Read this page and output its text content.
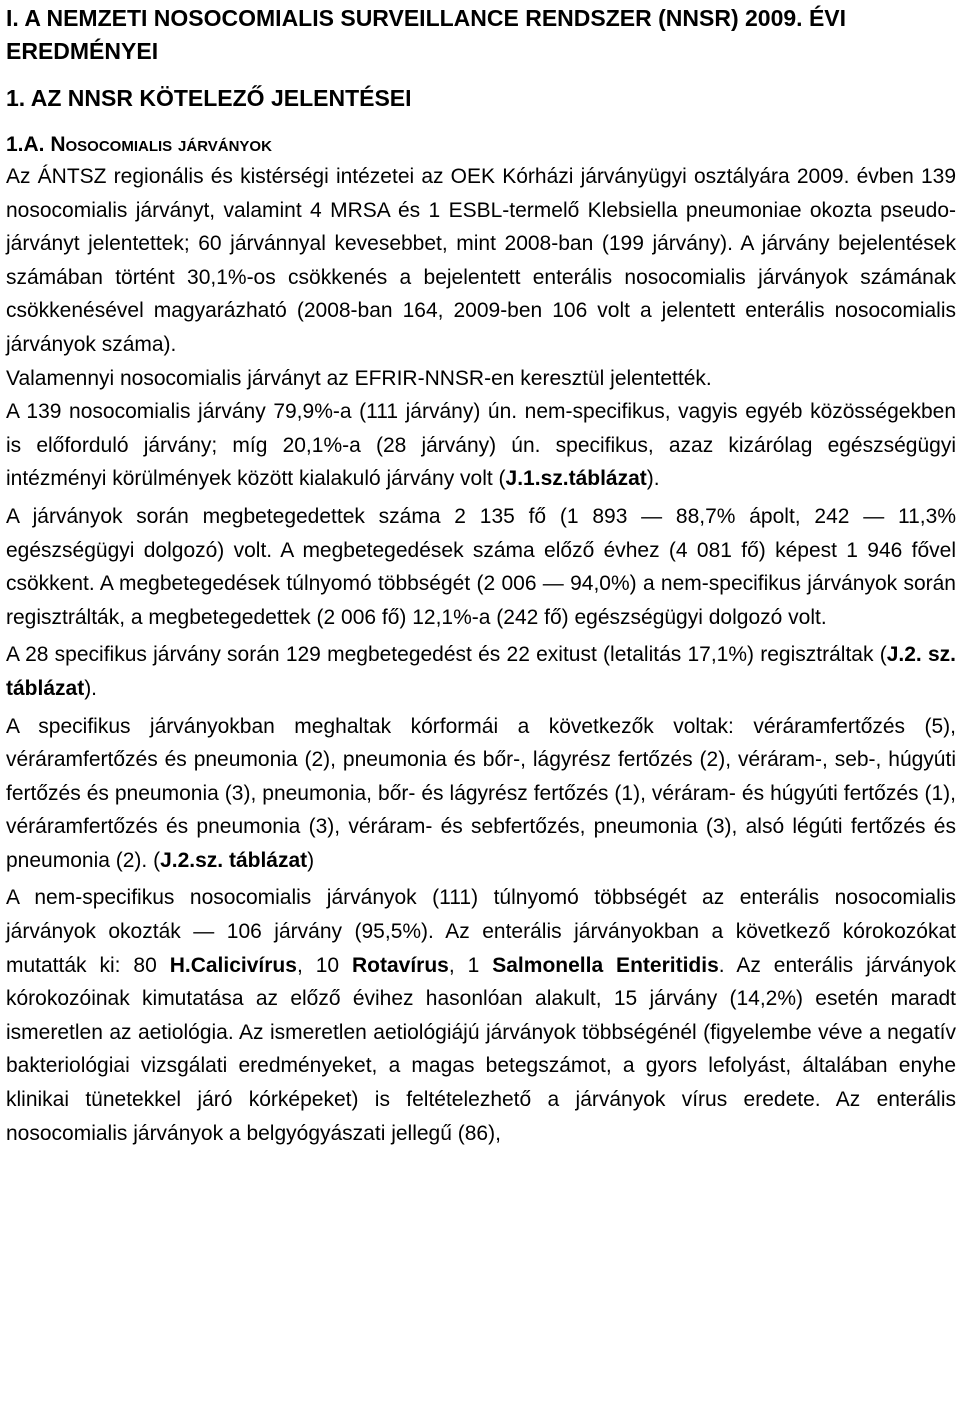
I. A NEMZETI NOSOCOMIALIS SURVEILLANCE RENDSZER (NNSR) 2009. ÉVI EREDMÉNYEI
1. AZ NNSR KÖTELEZŐ JELENTÉSEI
1.A. Nosocomialis járványok

Az ÁNTSZ regionális és kistérségi intézetei az OEK Kórházi járványügyi osztályára 2009. évben 139 nosocomialis járványt, valamint 4 MRSA és 1 ESBL-termelő Klebsiella pneumoniae okozta pseudo-járványt jelentettek; 60 járvánnyal kevesebbet, mint 2008-ban (199 járvány). A járvány bejelentések számában történt 30,1%-os csökkenés a bejelentett enterális nosocomialis járványok számának csökkenésével magyarázható (2008-ban 164, 2009-ben 106 volt a jelentett enterális nosocomialis járványok száma).

Valamennyi nosocomialis járványt az EFRIR-NNSR-en keresztül jelentették.

A 139 nosocomialis járvány 79,9%-a (111 járvány) ún. nem-specifikus, vagyis egyéb közösségekben is előforduló járvány; míg 20,1%-a (28 járvány) ún. specifikus, azaz kizárólag egészségügyi intézményi körülmények között kialakuló járvány volt (J.1.sz.táblázat).

A járványok során megbetegedettek száma 2 135 fő (1 893 — 88,7% ápolt, 242 — 11,3% egészségügyi dolgozó) volt. A megbetegedések száma előző évhez (4 081 fő) képest 1 946 fővel csökkent. A megbetegedések túlnyomó többségét (2 006 — 94,0%) a nem-specifikus járványok során regisztrálták, a megbetegedettek (2 006 fő) 12,1%-a (242 fő) egészségügyi dolgozó volt.

A 28 specifikus járvány során 129 megbetegedést és 22 exitust (letalitás 17,1%) regisztráltak (J.2. sz. táblázat).

A specifikus járványokban meghaltak kórformái a következők voltak: véráramfertőzés (5), véráramfertőzés és pneumonia (2), pneumonia és bőr-, lágyrész fertőzés (2), véráram-, seb-, húgyúti fertőzés és pneumonia (3), pneumonia, bőr- és lágyrész fertőzés (1), véráram- és húgyúti fertőzés (1), véráramfertőzés és pneumonia (3), véráram- és sebfertőzés, pneumonia (3), alsó légúti fertőzés és pneumonia (2). (J.2.sz. táblázat)

A nem-specifikus nosocomialis járványok (111) túlnyomó többségét az enterális nosocomialis járványok okozták — 106 járvány (95,5%). Az enterális járványokban a következő kórokozókat mutatták ki: 80 H.Calicivírus, 10 Rotavírus, 1 Salmonella Enteritidis. Az enterális járványok kórokozóinak kimutatása az előző évihez hasonlóan alakult, 15 járvány (14,2%) esetén maradt ismeretlen az aetiológia. Az ismeretlen aetiológiájú járványok többségénél (figyelembe véve a negatív bakteriológiai vizsgálati eredményeket, a magas betegszámot, a gyors lefolyást, általában enyhe klinikai tünetekkel járó kórképeket) is feltételezhető a járványok vírus eredete. Az enterális nosocomialis járványok a belgyógyászati jellegű (86),
